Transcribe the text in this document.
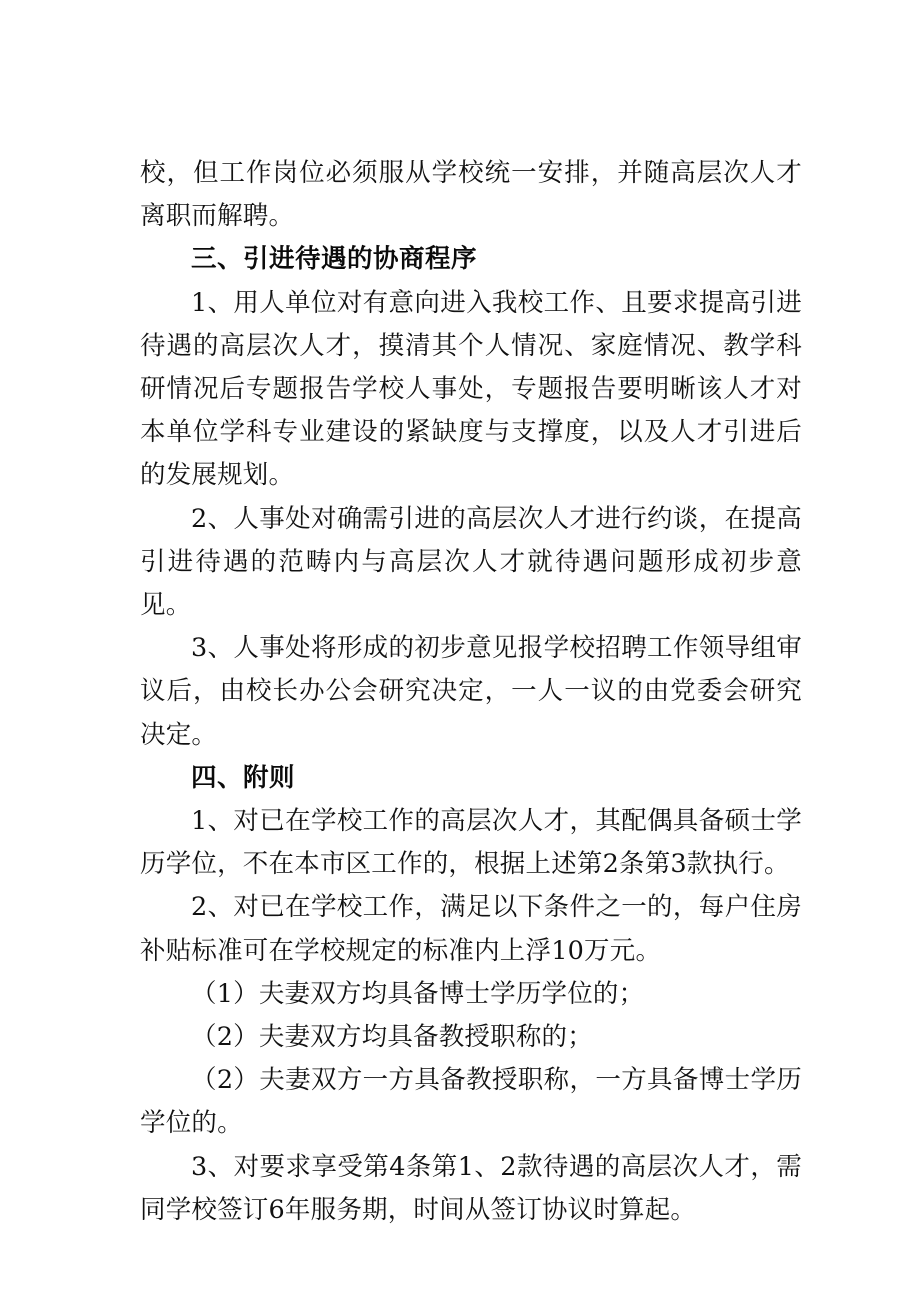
校，但工作岗位必须服从学校统一安排，并随高层次人才离职而解聘。

三、引进待遇的协商程序

1、用人单位对有意向进入我校工作、且要求提高引进待遇的高层次人才，摸清其个人情况、家庭情况、教学科研情况后专题报告学校人事处，专题报告要明晰该人才对本单位学科专业建设的紧缺度与支撑度，以及人才引进后的发展规划。

2、人事处对确需引进的高层次人才进行约谈，在提高引进待遇的范畴内与高层次人才就待遇问题形成初步意见。

3、人事处将形成的初步意见报学校招聘工作领导组审议后，由校长办公会研究决定，一人一议的由党委会研究决定。

四、附则

1、对已在学校工作的高层次人才，其配偶具备硕士学历学位，不在本市区工作的，根据上述第2条第3款执行。

2、对已在学校工作，满足以下条件之一的，每户住房补贴标准可在学校规定的标准内上浮10万元。

（1）夫妻双方均具备博士学历学位的；

（2）夫妻双方均具备教授职称的；

（2）夫妻双方一方具备教授职称，一方具备博士学历学位的。

3、对要求享受第4条第1、2款待遇的高层次人才，需同学校签订6年服务期，时间从签订协议时算起。
